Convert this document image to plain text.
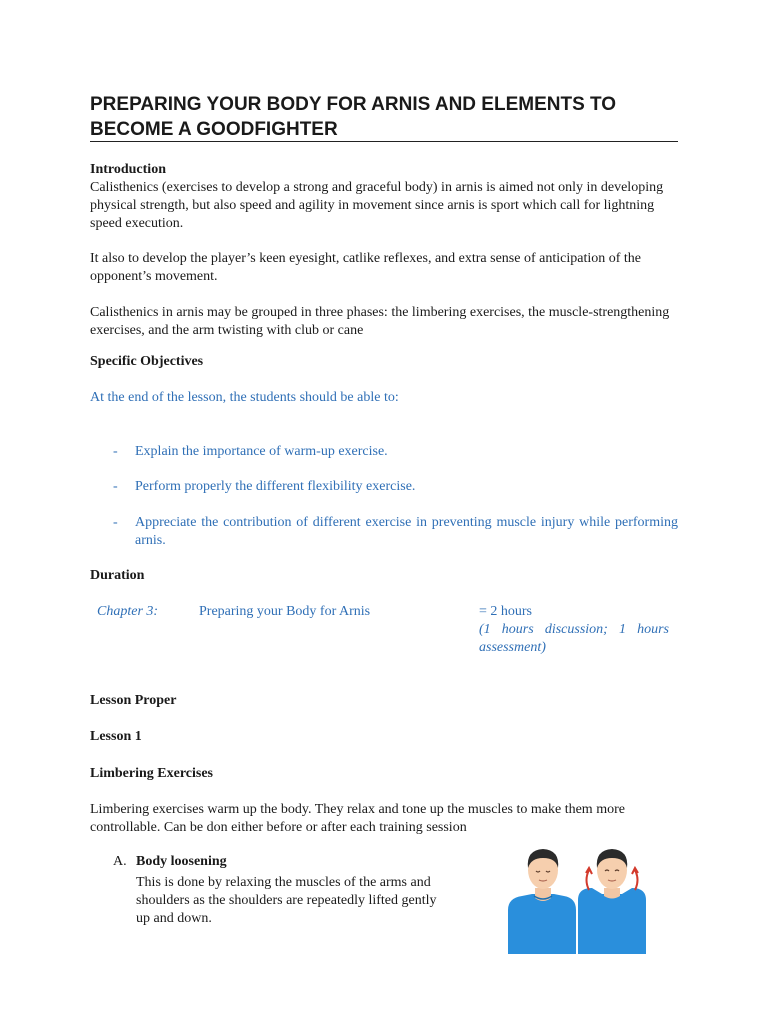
PREPARING YOUR BODY FOR ARNIS AND ELEMENTS TO BECOME A GOODFIGHTER
Introduction

Calisthenics (exercises to develop a strong and graceful body) in arnis is aimed not only in developing physical strength, but also speed and agility in movement since arnis is sport which call for lightning speed execution.

It also to develop the player’s keen eyesight, catlike reflexes, and extra sense of anticipation of the opponent’s movement.

Calisthenics in arnis may be grouped in three phases: the limbering exercises, the muscle-strengthening exercises, and the arm twisting with club or cane

Specific Objectives

At the end of the lesson, the students should be able to:

- Explain the importance of warm-up exercise.
- Perform properly the different flexibility exercise.
- Appreciate the contribution of different exercise in preventing muscle injury while performing arnis.
Duration
Chapter 3:	Preparing your Body for Arnis	= 2 hours
(1 hours discussion; 1 hours assessment)
Lesson Proper
Lesson 1
Limbering Exercises

Limbering exercises warm up the body. They relax and tone up the muscles to make them more controllable. Can be don either before or after each training session

A. Body loosening
This is done by relaxing the muscles of the arms and shoulders as the shoulders are repeatedly lifted gently up and down.
